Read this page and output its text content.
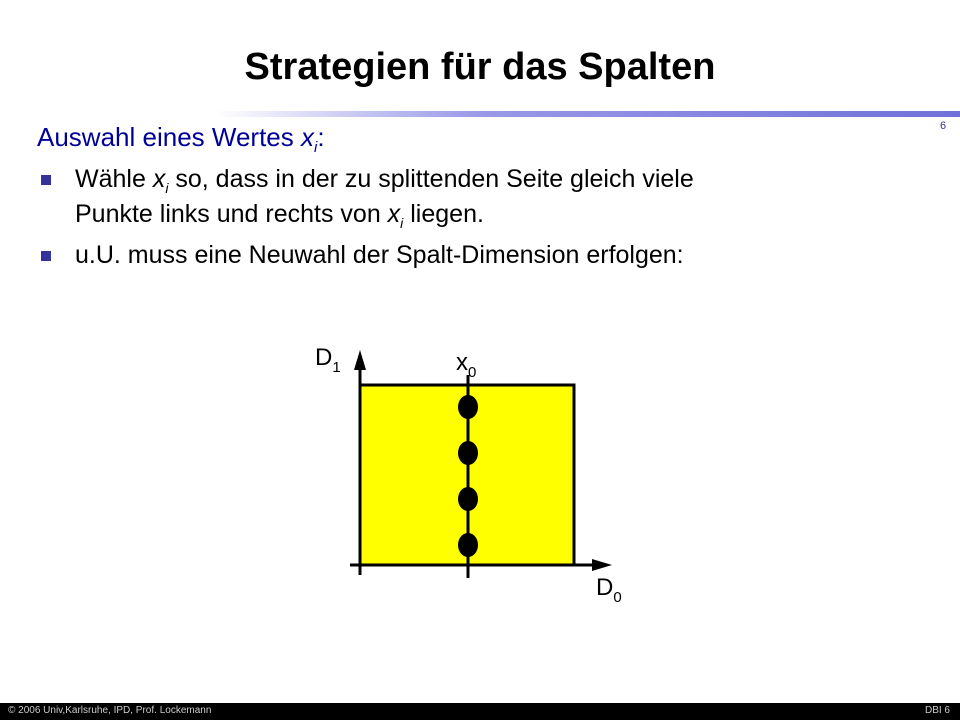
Strategien für das Spalten
6
Auswahl eines Wertes $x_i$:
Wähle $x_i$ so, dass in der zu splittenden Seite gleich viele
Punkte links und rechts von $x_i$ liegen.
u.U. muss eine Neuwahl der Spalt-Dimension erfolgen:
$D_1$	$x_0$
$D_0$
© 2006 Univ,Karlsruhe, IPD, Prof. Lockemann	DBI 6
